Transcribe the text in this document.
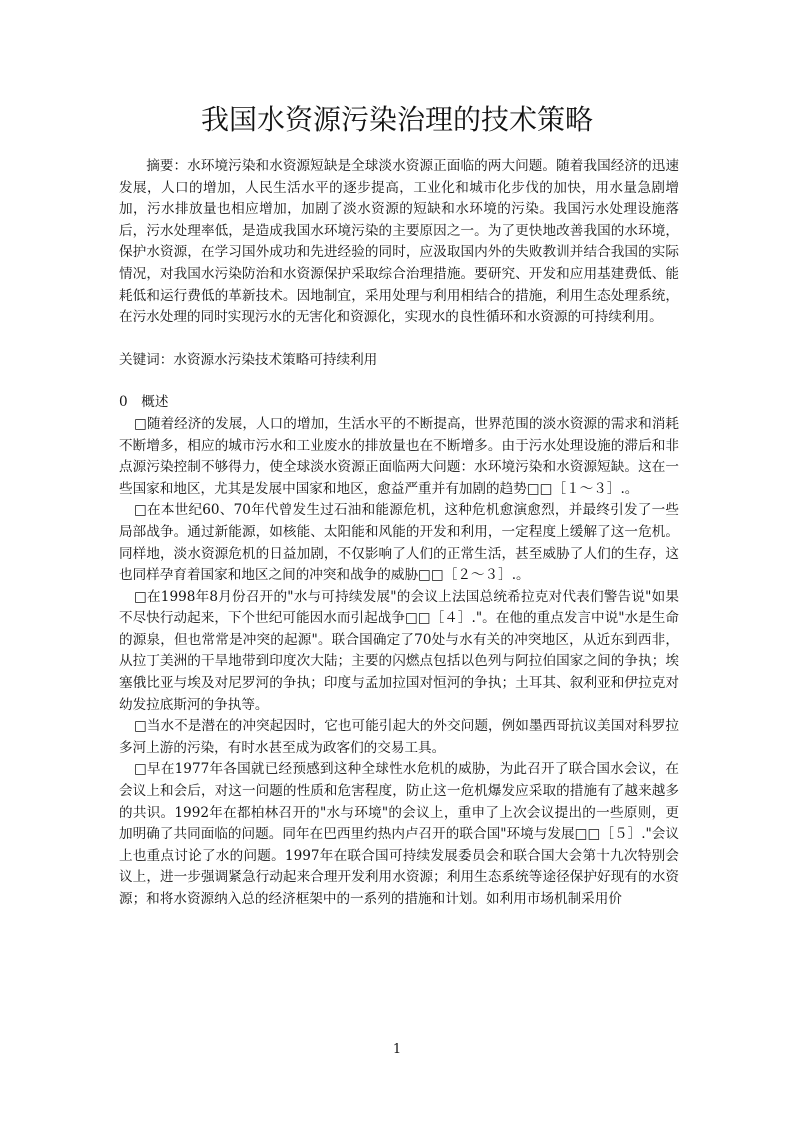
我国水资源污染治理的技术策略

摘要：水环境污染和水资源短缺是全球淡水资源正面临的两大问题。随着我国经济的迅速发展，人口的增加，人民生活水平的逐步提高，工业化和城市化步伐的加快，用水量急剧增加，污水排放量也相应增加，加剧了淡水资源的短缺和水环境的污染。我国污水处理设施落后，污水处理率低，是造成我国水环境污染的主要原因之一。为了更快地改善我国的水环境，保护水资源，在学习国外成功和先进经验的同时，应汲取国内外的失败教训并结合我国的实际情况，对我国水污染防治和水资源保护采取综合治理措施。要研究、开发和应用基建费低、能耗低和运行费低的革新技术。因地制宜，采用处理与利用相结合的措施，利用生态处理系统，在污水处理的同时实现污水的无害化和资源化，实现水的良性循环和水资源的可持续利用。

关键词：水资源水污染技术策略可持续利用

0　概述

□随着经济的发展，人口的增加，生活水平的不断提高，世界范围的淡水资源的需求和消耗不断增多，相应的城市污水和工业废水的排放量也在不断增多。由于污水处理设施的滞后和非点源污染控制不够得力，使全球淡水资源正面临两大问题：水环境污染和水资源短缺。这在一些国家和地区，尤其是发展中国家和地区，愈益严重并有加剧的趋势□□［１～３］.。

□在本世纪60、70年代曾发生过石油和能源危机，这种危机愈演愈烈，并最终引发了一些局部战争。通过新能源，如核能、太阳能和风能的开发和利用，一定程度上缓解了这一危机。同样地，淡水资源危机的日益加剧，不仅影响了人们的正常生活，甚至威胁了人们的生存，这也同样孕育着国家和地区之间的冲突和战争的威胁□□［２～３］.。

□在1998年8月份召开的"水与可持续发展"的会议上法国总统希拉克对代表们警告说"如果不尽快行动起来，下个世纪可能因水而引起战争□□［４］."。在他的重点发言中说"水是生命的源泉，但也常常是冲突的起源"。联合国确定了70处与水有关的冲突地区，从近东到西非，从拉丁美洲的干旱地带到印度次大陆；主要的闪燃点包括以色列与阿拉伯国家之间的争执；埃塞俄比亚与埃及对尼罗河的争执；印度与孟加拉国对恒河的争执；土耳其、叙利亚和伊拉克对幼发拉底斯河的争执等。

□当水不是潜在的冲突起因时，它也可能引起大的外交问题，例如墨西哥抗议美国对科罗拉多河上游的污染，有时水甚至成为政客们的交易工具。

□早在1977年各国就已经预感到这种全球性水危机的威胁，为此召开了联合国水会议，在会议上和会后，对这一问题的性质和危害程度，防止这一危机爆发应采取的措施有了越来越多的共识。1992年在都柏林召开的"水与环境"的会议上，重申了上次会议提出的一些原则，更加明确了共同面临的问题。同年在巴西里约热内卢召开的联合国"环境与发展□□［５］."会议上也重点讨论了水的问题。1997年在联合国可持续发展委员会和联合国大会第十九次特别会议上，进一步强调紧急行动起来合理开发利用水资源；利用生态系统等途径保护好现有的水资源；和将水资源纳入总的经济框架中的一系列的措施和计划。如利用市场机制采用价

1
